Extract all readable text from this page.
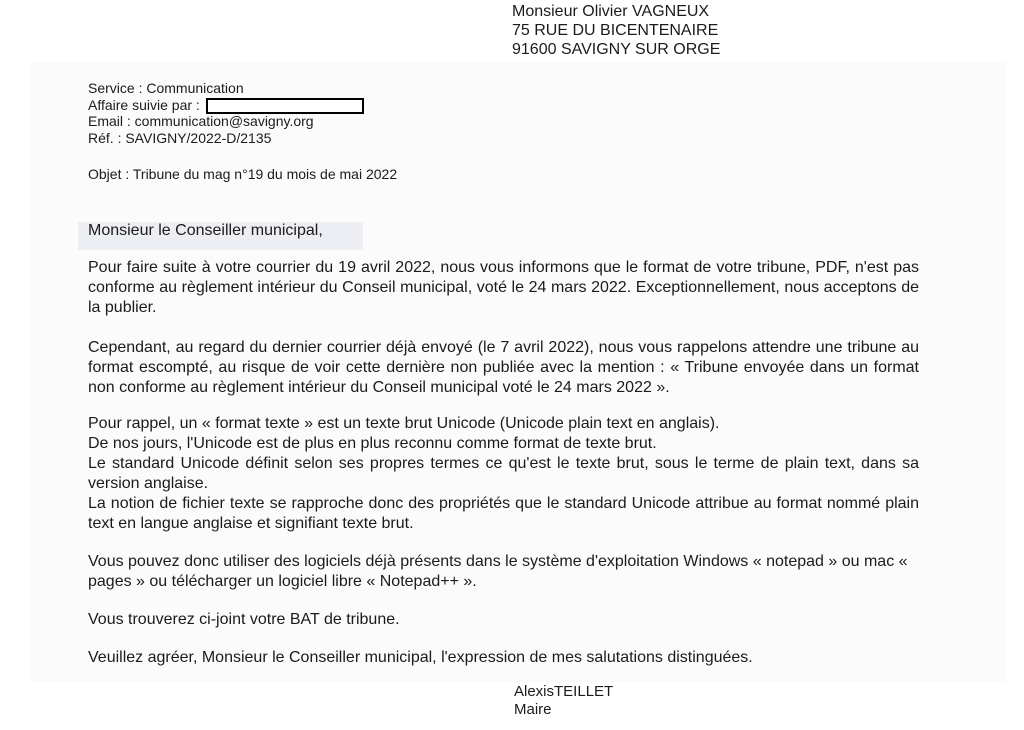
Monsieur Olivier VAGNEUX
75 RUE DU BICENTENAIRE
91600 SAVIGNY SUR ORGE
Service : Communication
Affaire suivie par :
Email : communication@savigny.org
Réf. : SAVIGNY/2022-D/2135
Objet : Tribune du mag n°19 du mois de mai 2022
Monsieur le Conseiller municipal,

Pour faire suite à votre courrier du 19 avril 2022, nous vous informons que le format de votre tribune, PDF, n'est pas conforme au règlement intérieur du Conseil municipal, voté le 24 mars 2022. Exceptionnellement, nous acceptons de la publier.

Cependant, au regard du dernier courrier déjà envoyé (le 7 avril 2022), nous vous rappelons attendre une tribune au format escompté, au risque de voir cette dernière non publiée avec la mention : « Tribune envoyée dans un format non conforme au règlement intérieur du Conseil municipal voté le 24 mars 2022 ».

Pour rappel, un « format texte » est un texte brut Unicode (Unicode plain text en anglais).
De nos jours, l'Unicode est de plus en plus reconnu comme format de texte brut.
Le standard Unicode définit selon ses propres termes ce qu'est le texte brut, sous le terme de plain text, dans sa version anglaise.
La notion de fichier texte se rapproche donc des propriétés que le standard Unicode attribue au format nommé plain text en langue anglaise et signifiant texte brut.

Vous pouvez donc utiliser des logiciels déjà présents dans le système d'exploitation Windows « notepad » ou mac « pages » ou télécharger un logiciel libre « Notepad++ ».

Vous trouverez ci-joint votre BAT de tribune.

Veuillez agréer, Monsieur le Conseiller municipal, l'expression de mes salutations distinguées.

AlexisTEILLET
Maire
